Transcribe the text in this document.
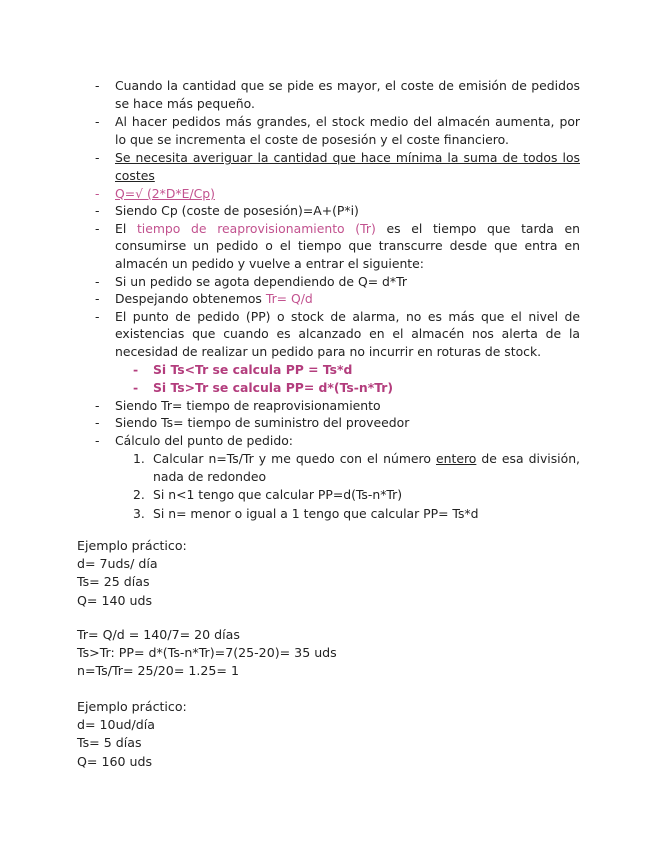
- Cuando la cantidad que se pide es mayor, el coste de emisión de pedidos se hace más pequeño.
- Al hacer pedidos más grandes, el stock medio del almacén aumenta, por lo que se incrementa el coste de posesión y el coste financiero.
- Se necesita averiguar la cantidad que hace mínima la suma de todos los costes
- Q=√ (2*D*E/Cp)
- Siendo Cp (coste de posesión)=A+(P*i)
- El tiempo de reaprovisionamiento (Tr) es el tiempo que tarda en consumirse un pedido o el tiempo que transcurre desde que entra en almacén un pedido y vuelve a entrar el siguiente:
- Si un pedido se agota dependiendo de Q= d*Tr
- Despejando obtenemos Tr= Q/d
- El punto de pedido (PP) o stock de alarma, no es más que el nivel de existencias que cuando es alcanzado en el almacén nos alerta de la necesidad de realizar un pedido para no incurrir en roturas de stock.
- Si Ts<Tr se calcula PP = Ts*d
- Si Ts>Tr se calcula PP= d*(Ts-n*Tr)
- Siendo Tr= tiempo de reaprovisionamiento
- Siendo Ts= tiempo de suministro del proveedor
- Cálculo del punto de pedido:
1. Calcular n=Ts/Tr y me quedo con el número entero de esa división, nada de redondeo
2. Si n<1 tengo que calcular PP=d(Ts-n*Tr)
3. Si n= menor o igual a 1 tengo que calcular PP= Ts*d
Ejemplo práctico:
d= 7uds/ día
Ts= 25 días
Q= 140 uds
Tr= Q/d = 140/7= 20 días
Ts>Tr: PP= d*(Ts-n*Tr)=7(25-20)= 35 uds
n=Ts/Tr= 25/20= 1.25= 1
Ejemplo práctico:
d= 10ud/día
Ts= 5 días
Q= 160 uds
